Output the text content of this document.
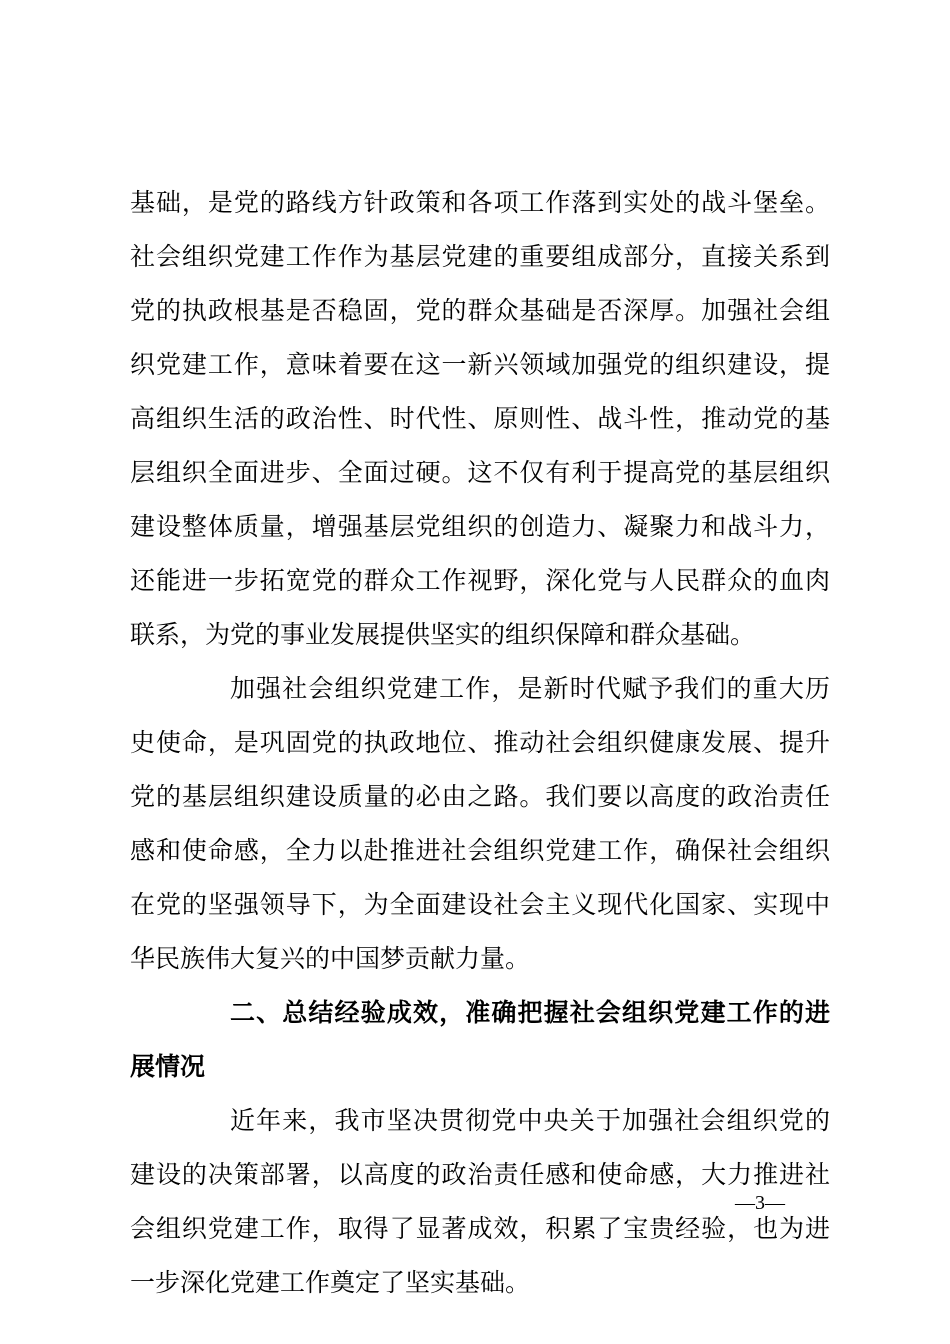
基础，是党的路线方针政策和各项工作落到实处的战斗堡垒。
社会组织党建工作作为基层党建的重要组成部分，直接关系到
党的执政根基是否稳固，党的群众基础是否深厚。加强社会组
织党建工作，意味着要在这一新兴领域加强党的组织建设，提
高组织生活的政治性、时代性、原则性、战斗性，推动党的基
层组织全面进步、全面过硬。这不仅有利于提高党的基层组织
建设整体质量，增强基层党组织的创造力、凝聚力和战斗力，
还能进一步拓宽党的群众工作视野，深化党与人民群众的血肉
联系，为党的事业发展提供坚实的组织保障和群众基础。
加强社会组织党建工作，是新时代赋予我们的重大历
史使命，是巩固党的执政地位、推动社会组织健康发展、提升
党的基层组织建设质量的必由之路。我们要以高度的政治责任
感和使命感，全力以赴推进社会组织党建工作，确保社会组织
在党的坚强领导下，为全面建设社会主义现代化国家、实现中
华民族伟大复兴的中国梦贡献力量。
二、总结经验成效，准确把握社会组织党建工作的进
展情况
近年来，我市坚决贯彻党中央关于加强社会组织党的
建设的决策部署，以高度的政治责任感和使命感，大力推进社
会组织党建工作，取得了显著成效，积累了宝贵经验，也为进
一步深化党建工作奠定了坚实基础。
—3—
